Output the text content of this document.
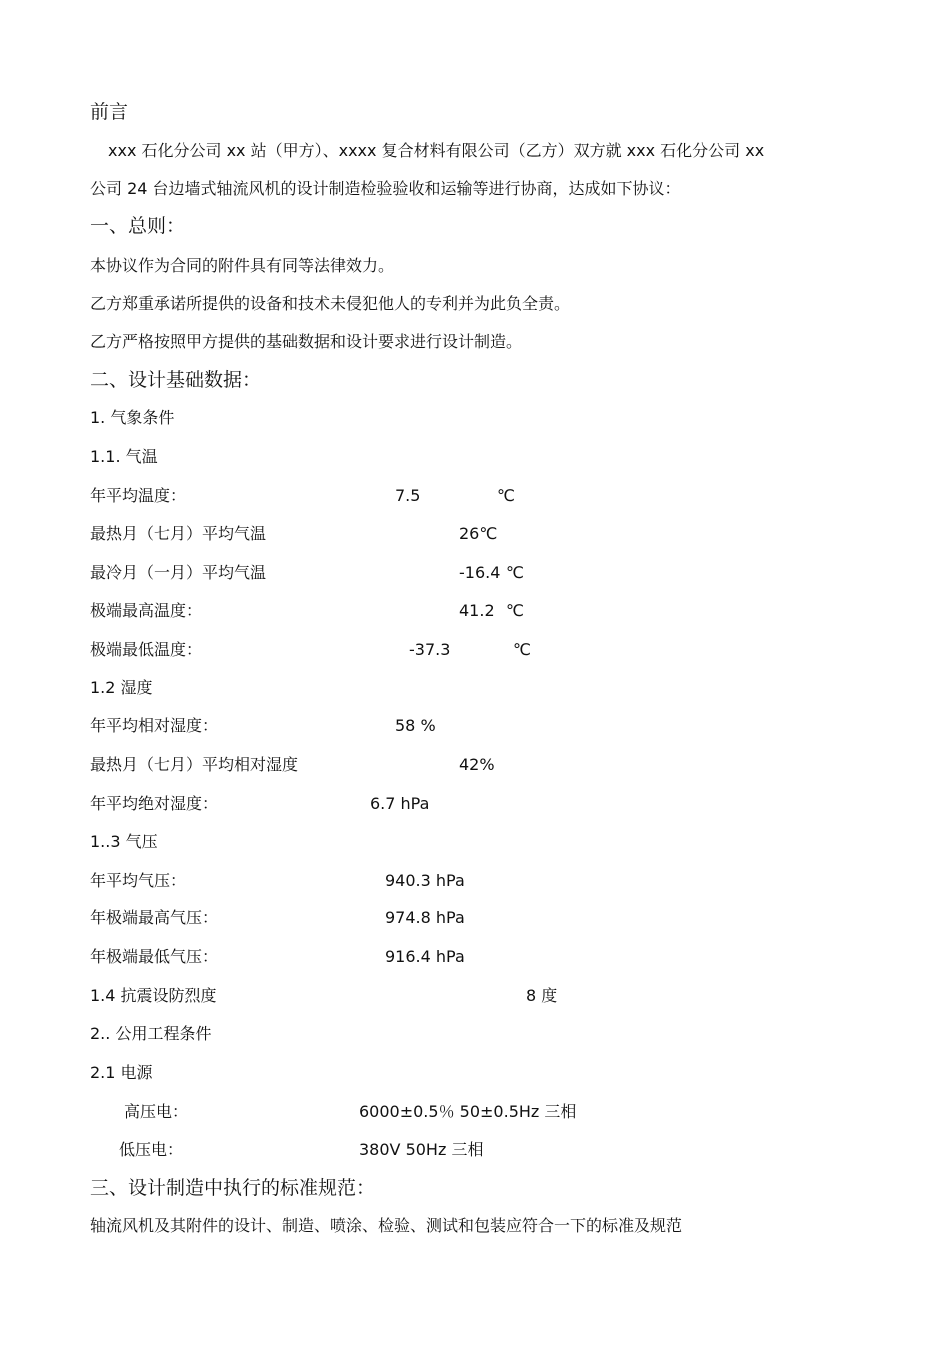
前言
xxx 石化分公司 xx 站（甲方）、xxxx 复合材料有限公司（乙方）双方就 xxx 石化分公司 xx
公司 24 台边墙式轴流风机的设计制造检验验收和运输等进行协商，达成如下协议：
一、总则：
本协议作为合同的附件具有同等法律效力。
乙方郑重承诺所提供的设备和技术未侵犯他人的专利并为此负全责。
乙方严格按照甲方提供的基础数据和设计要求进行设计制造。
二、设计基础数据：
1. 气象条件
1.1. 气温
年平均温度：	7.5	℃
最热月（七月）平均气温	26℃
最冷月（一月）平均气温	-16.4 ℃
极端最高温度：	41.2 ℃
极端最低温度：	-37.3	℃
1.2 湿度
年平均相对湿度：	58 %
最热月（七月）平均相对湿度	42%
年平均绝对湿度：	6.7 hPa
1..3 气压
年平均气压：	940.3 hPa
年极端最高气压：	974.8 hPa
年极端最低气压：	916.4 hPa
1.4 抗震设防烈度	8 度
2.. 公用工程条件
2.1 电源
高压电：	6000±0.5％ 50±0.5Hz 三相
低压电：	380V 50Hz 三相
三、设计制造中执行的标准规范：
轴流风机及其附件的设计、制造、喷涂、检验、测试和包装应符合一下的标准及规范
